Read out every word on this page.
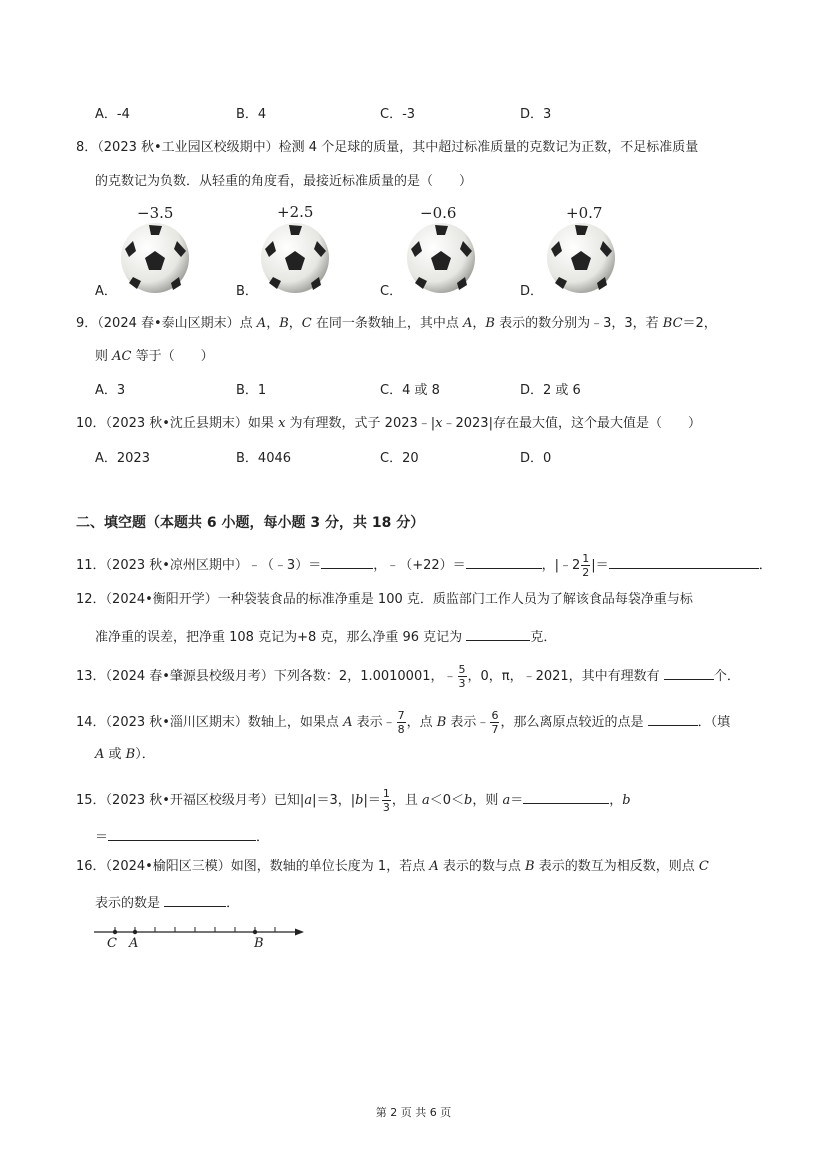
A．-4	B．4	C．-3	D．3
8．（2023 秋•工业园区校级期中）检测 4 个足球的质量，其中超过标准质量的克数记为正数，不足标准质量
的克数记为负数．从轻重的角度看，最接近标准质量的是（　　）
−3.5	+2.5	−0.6	+0.7
A．	B．	C．	D．
9．（2024 春•泰山区期末）点 A，B，C 在同一条数轴上，其中点 A，B 表示的数分别为﹣3，3，若 BC＝2，
则 AC 等于（　　）
A．3	B．1	C．4 或 8	D．2 或 6
10．（2023 秋•沈丘县期末）如果 x 为有理数，式子 2023﹣|x﹣2023|存在最大值，这个最大值是（　　）
A．2023	B．4046	C．20	D．0
二、填空题（本题共 6 小题，每小题 3 分，共 18 分）
11．（2023 秋•凉州区期中）﹣（﹣3）＝	，﹣（+22）＝	，|﹣2 $\frac{1}{2}$ |＝	．
12．（2024•衡阳开学）一种袋装食品的标准净重是 100 克．质监部门工作人员为了解该食品每袋净重与标
准净重的误差，把净重 108 克记为+8 克，那么净重 96 克记为	克．
13．（2024 春•肇源县校级月考）下列各数：2，1.0010001，﹣ $\frac{5}{3}$ ，0，π，﹣2021，其中有理数有	个．
14．（2023 秋•淄川区期末）数轴上，如果点 A 表示﹣ $\frac{7}{8}$ ，点 B 表示﹣ $\frac{6}{7}$ ，那么离原点较近的点是	．（填
A 或 B）．
15．（2023 秋•开福区校级月考）已知|a|＝3，$|b|= \frac{1}{3}$ ，且 a＜0＜b，则 a＝	，b
＝	．
16．（2024•榆阳区三模）如图，数轴的单位长度为 1，若点 A 表示的数与点 B 表示的数互为相反数，则点 C
表示的数是	．
C A	B
第 2 页 共 6 页
